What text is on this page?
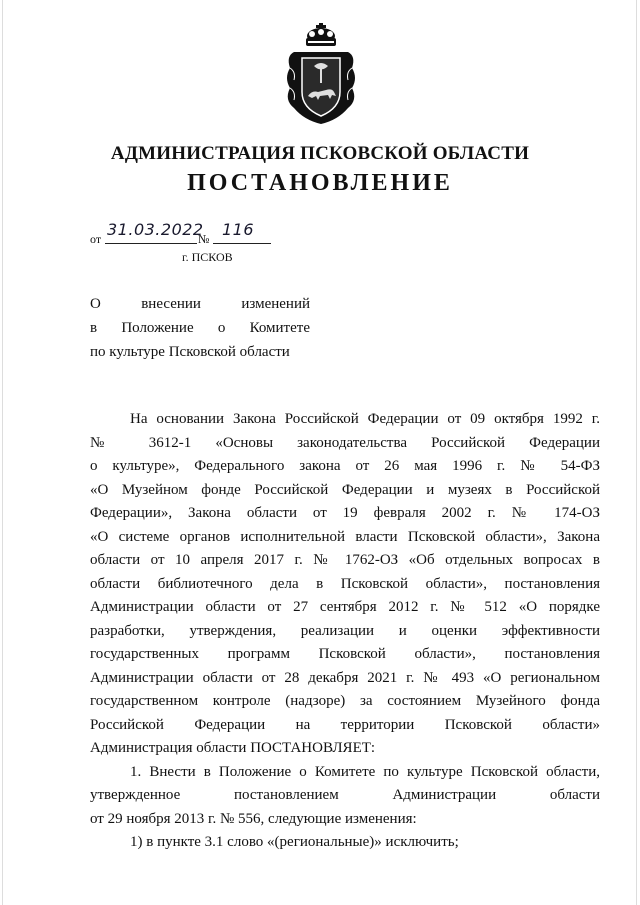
АДМИНИСТРАЦИЯ ПСКОВСКОЙ ОБЛАСТИ
ПОСТАНОВЛЕНИЕ
от 31.03.2022
№ 116
г. ПСКОВ
О внесении изменений
в Положение о Комитете
по культуре Псковской области
На основании Закона Российской Федерации от 09 октября 1992 г.
№ 3612-1 «Основы законодательства Российской Федерации
о культуре», Федерального закона от 26 мая 1996 г. № 54-ФЗ
«О Музейном фонде Российской Федерации и музеях в Российской
Федерации», Закона области от 19 февраля 2002 г. № 174-ОЗ
«О системе органов исполнительной власти Псковской области», Закона
области от 10 апреля 2017 г. № 1762-ОЗ «Об отдельных вопросах в
области библиотечного дела в Псковской области», постановления
Администрации области от 27 сентября 2012 г. № 512 «О порядке
разработки, утверждения, реализации и оценки эффективности
государственных программ Псковской области», постановления
Администрации области от 28 декабря 2021 г. № 493 «О региональном
государственном контроле (надзоре) за состоянием Музейного фонда
Российской Федерации на территории Псковской области»
Администрация области ПОСТАНОВЛЯЕТ:
1. Внести в Положение о Комитете по культуре Псковской области,
утвержденное постановлением Администрации области
от 29 ноября 2013 г. № 556, следующие изменения:
1) в пункте 3.1 слово «(региональные)» исключить;
